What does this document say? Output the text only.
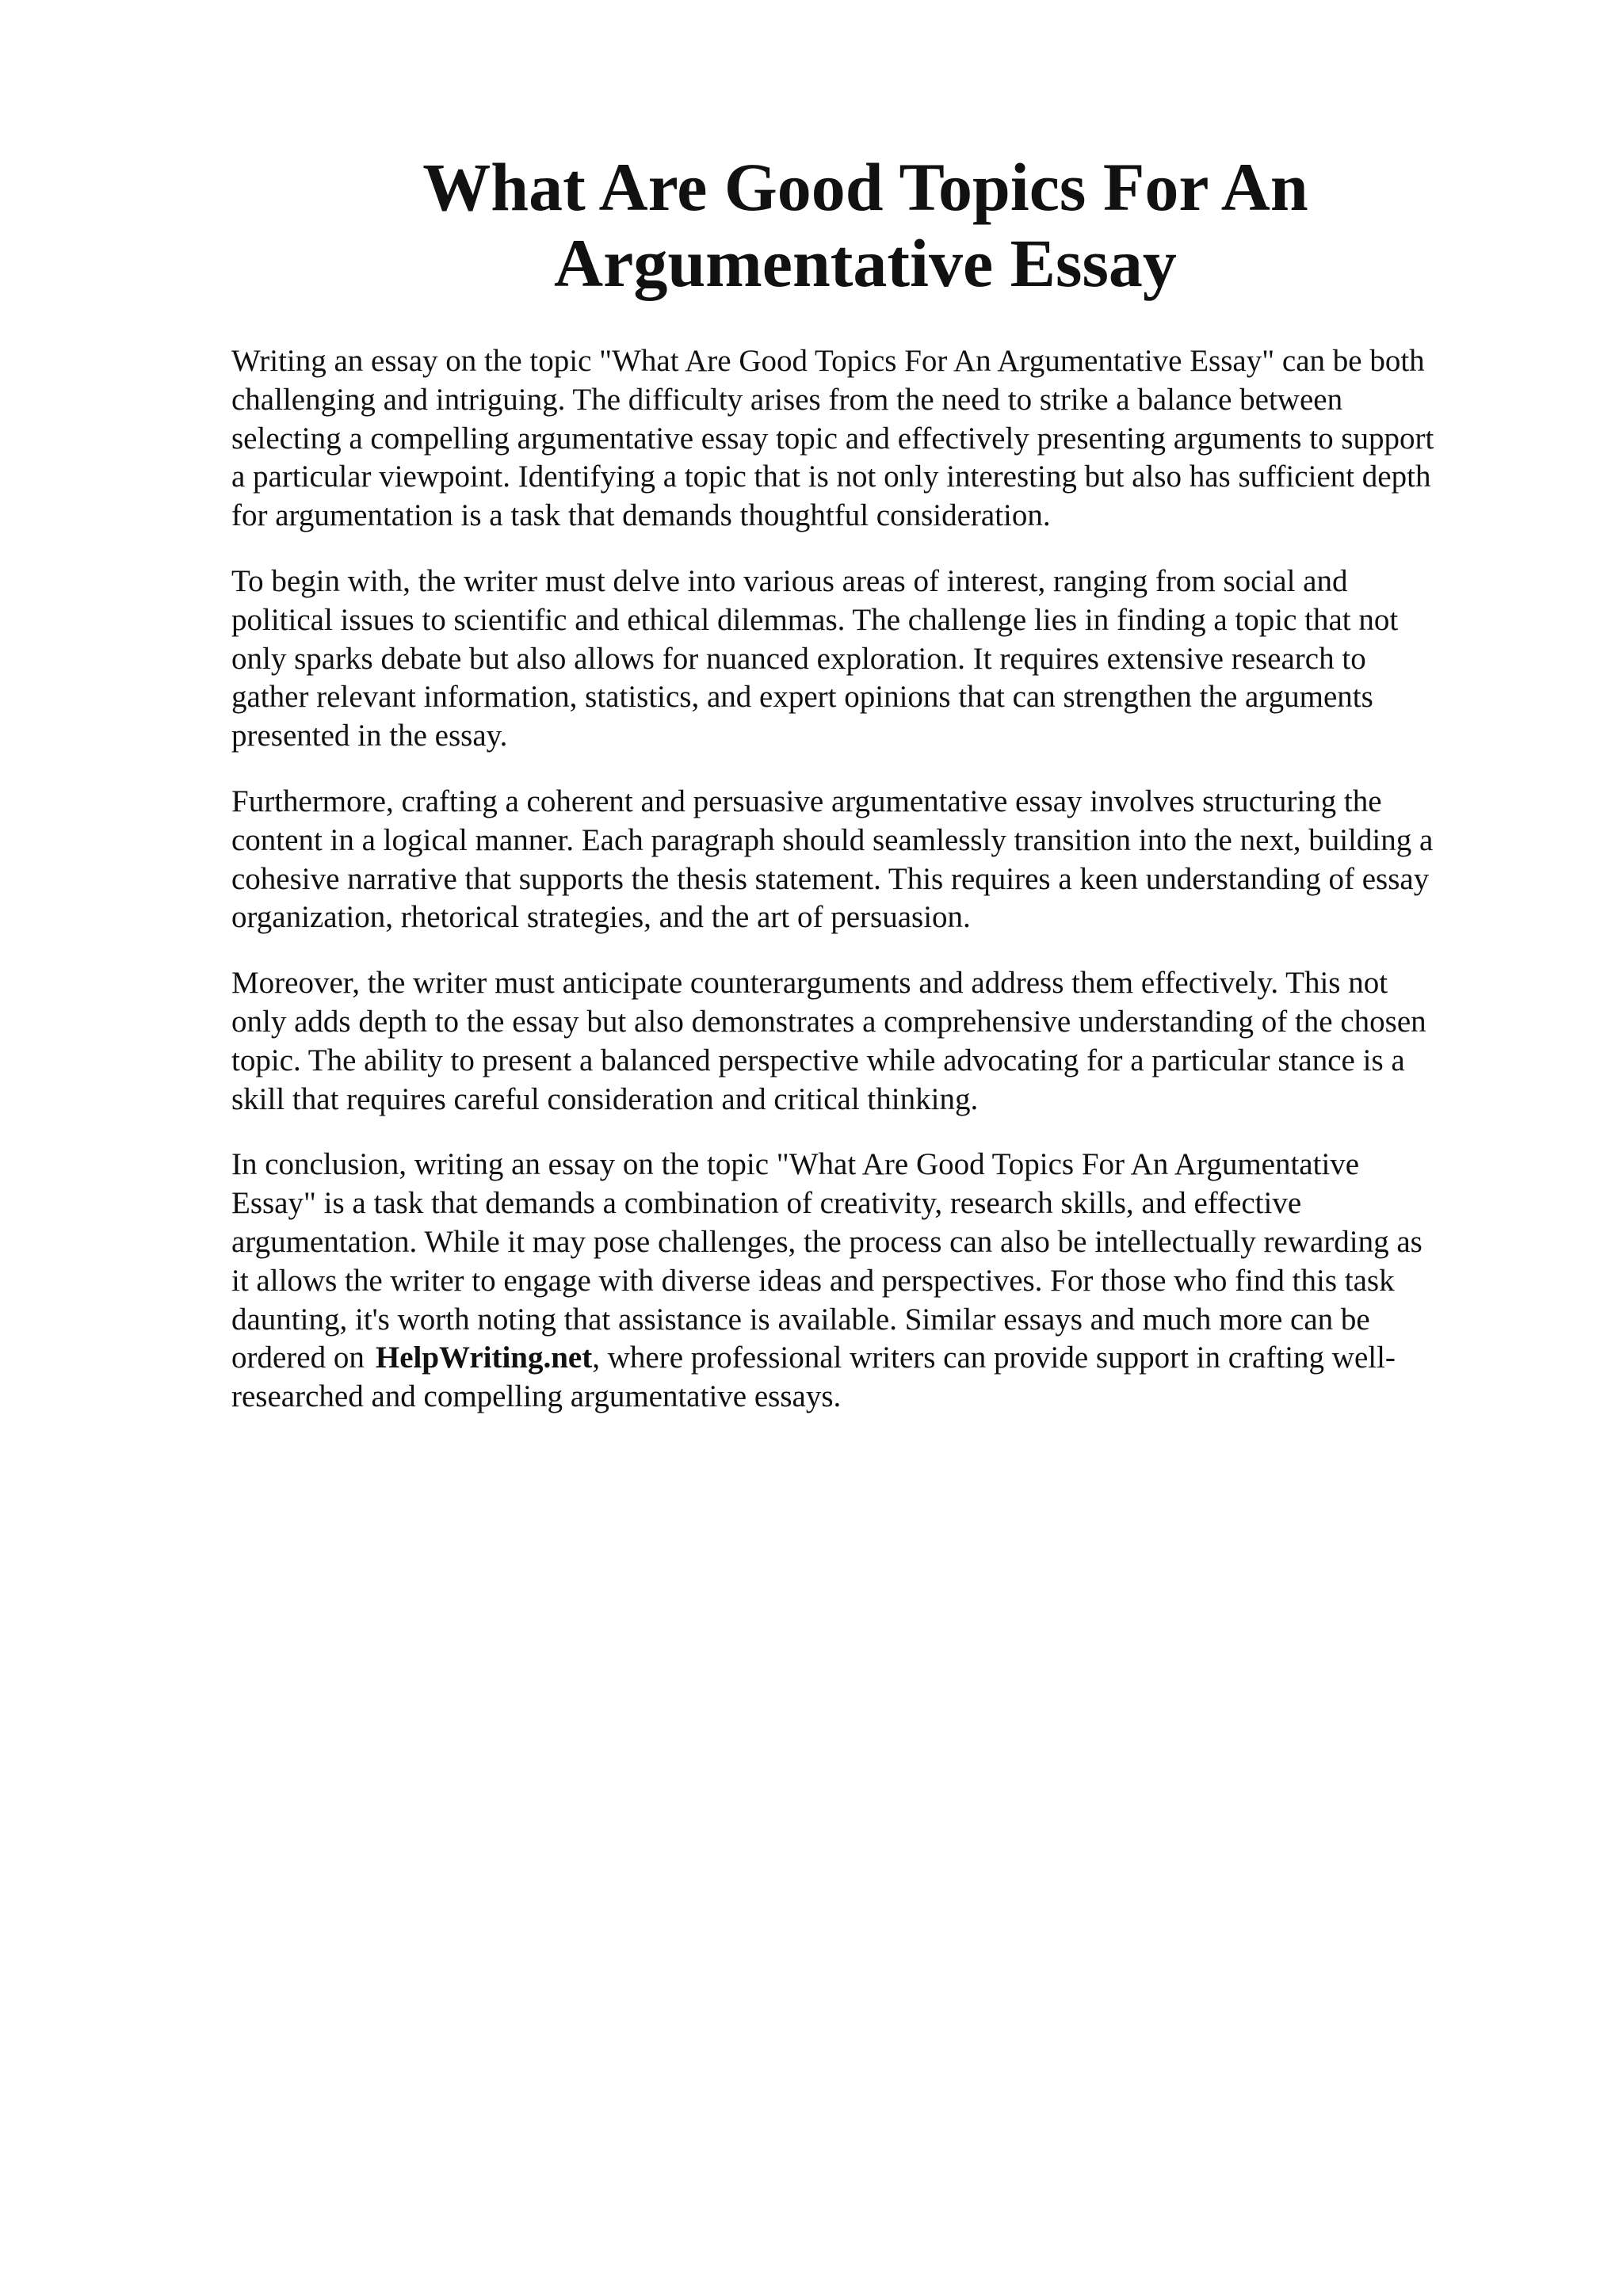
What Are Good Topics For An
Argumentative Essay

Writing an essay on the topic "What Are Good Topics For An Argumentative Essay" can be both
challenging and intriguing. The difficulty arises from the need to strike a balance between
selecting a compelling argumentative essay topic and effectively presenting arguments to support
a particular viewpoint. Identifying a topic that is not only interesting but also has sufficient depth
for argumentation is a task that demands thoughtful consideration.

To begin with, the writer must delve into various areas of interest, ranging from social and
political issues to scientific and ethical dilemmas. The challenge lies in finding a topic that not
only sparks debate but also allows for nuanced exploration. It requires extensive research to
gather relevant information, statistics, and expert opinions that can strengthen the arguments
presented in the essay.

Furthermore, crafting a coherent and persuasive argumentative essay involves structuring the
content in a logical manner. Each paragraph should seamlessly transition into the next, building a
cohesive narrative that supports the thesis statement. This requires a keen understanding of essay
organization, rhetorical strategies, and the art of persuasion.

Moreover, the writer must anticipate counterarguments and address them effectively. This not
only adds depth to the essay but also demonstrates a comprehensive understanding of the chosen
topic. The ability to present a balanced perspective while advocating for a particular stance is a
skill that requires careful consideration and critical thinking.

In conclusion, writing an essay on the topic "What Are Good Topics For An Argumentative
Essay" is a task that demands a combination of creativity, research skills, and effective
argumentation. While it may pose challenges, the process can also be intellectually rewarding as
it allows the writer to engage with diverse ideas and perspectives. For those who find this task
daunting, it's worth noting that assistance is available. Similar essays and much more can be
ordered on HelpWriting.net, where professional writers can provide support in crafting well-
researched and compelling argumentative essays.
